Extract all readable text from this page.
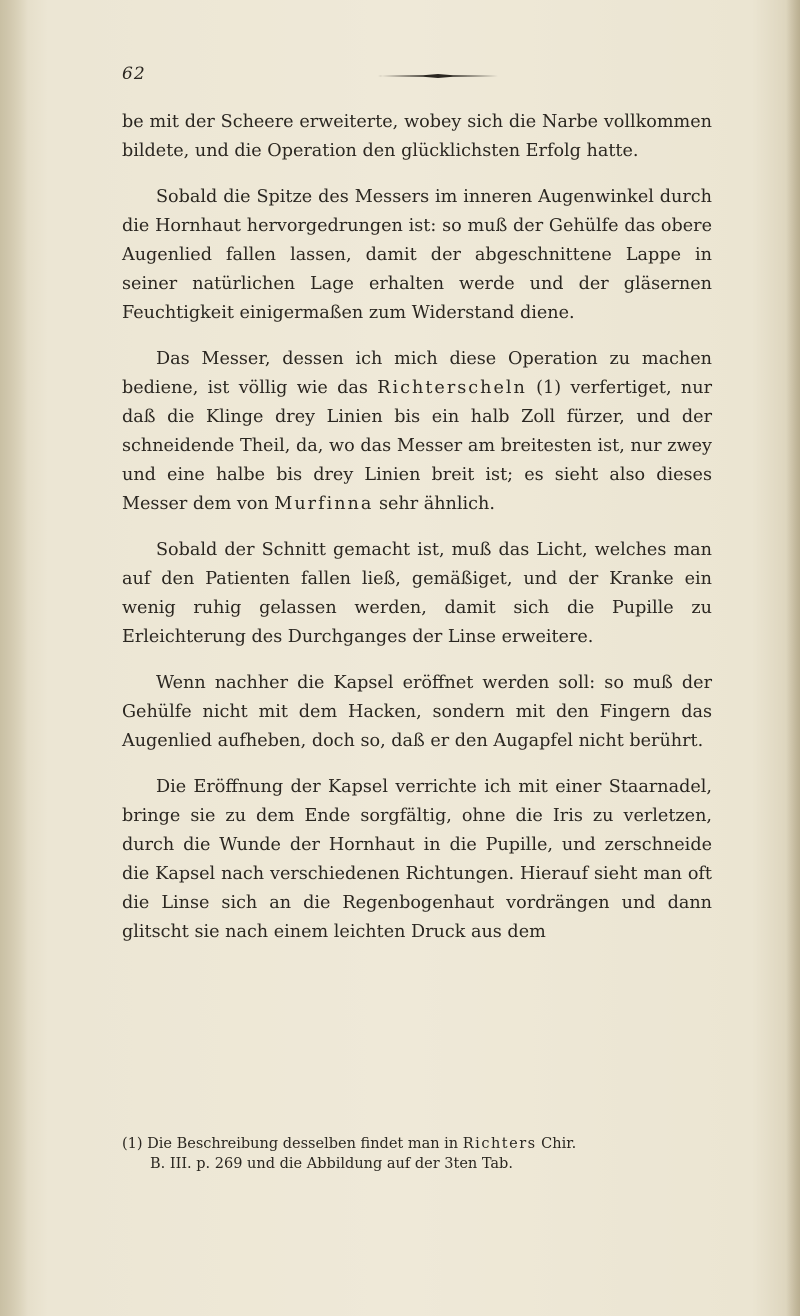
62

be mit der Scheere erweiterte, wobey sich die Narbe vollkommen bildete, und die Operation den glücklichsten Erfolg hatte.

Sobald die Spitze des Messers im inneren Augenwinkel durch die Hornhaut hervorgedrungen ist: so muß der Gehülfe das obere Augenlied fallen lassen, damit der abgeschnittene Lappe in seiner natürlichen Lage erhalten werde und der gläsernen Feuchtigkeit einigermaßen zum Widerstand diene.

Das Messer, dessen ich mich diese Operation zu machen bediene, ist völlig wie das Richterscheln (1) verfertiget, nur daß die Klinge drey Linien bis ein halb Zoll fürzer, und der schneidende Theil, da, wo das Messer am breitesten ist, nur zwey und eine halbe bis drey Linien breit ist; es sieht also dieses Messer dem von Murfinna sehr ähnlich.

Sobald der Schnitt gemacht ist, muß das Licht, welches man auf den Patienten fallen ließ, gemäßiget, und der Kranke ein wenig ruhig gelassen werden, damit sich die Pupille zu Erleichterung des Durchganges der Linse erweitere.

Wenn nachher die Kapsel eröffnet werden soll: so muß der Gehülfe nicht mit dem Hacken, sondern mit den Fingern das Augenlied aufheben, doch so, daß er den Augapfel nicht berührt.

Die Eröffnung der Kapsel verrichte ich mit einer Staarnadel, bringe sie zu dem Ende sorgfältig, ohne die Iris zu verletzen, durch die Wunde der Hornhaut in die Pupille, und zerschneide die Kapsel nach verschiedenen Richtungen. Hierauf sieht man oft die Linse sich an die Regenbogenhaut vordrängen und dann glitscht sie nach einem leichten Druck aus dem

(1) Die Beschreibung desselben findet man in Richters Chir.
B. III. p. 269 und die Abbildung auf der 3ten Tab.
